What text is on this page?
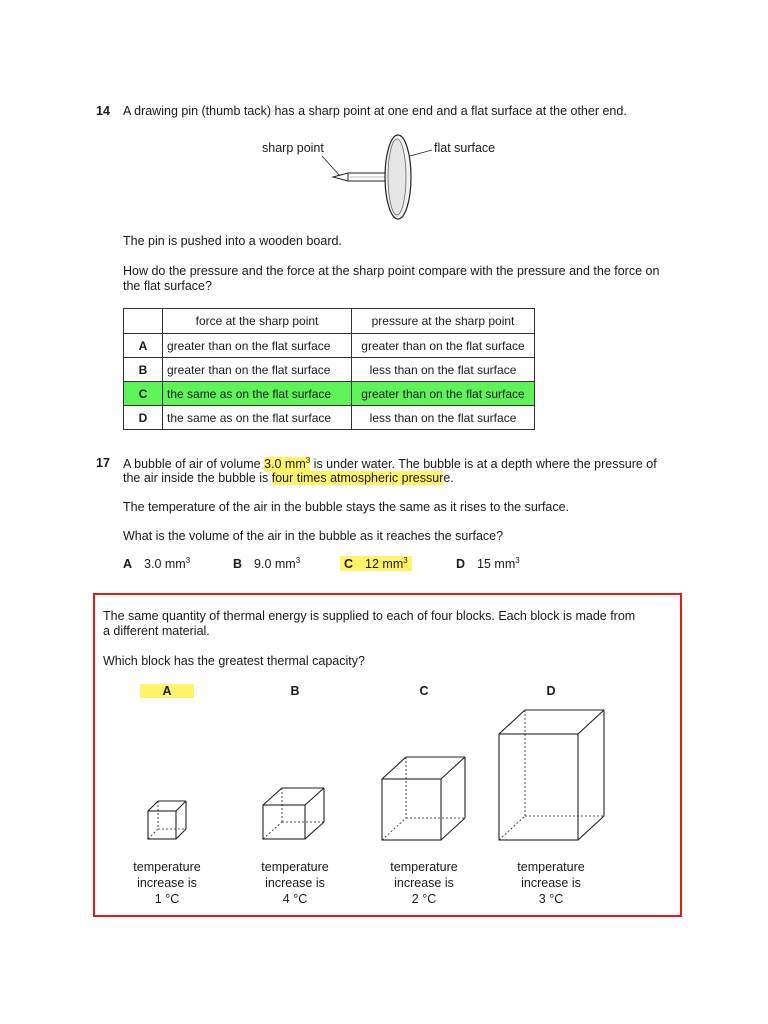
14 A drawing pin (thumb tack) has a sharp point at one end and a flat surface at the other end.
sharp point	flat surface
The pin is pushed into a wooden board.
How do the pressure and the force at the sharp point compare with the pressure and the force on
the flat surface?
	force at the sharp point	pressure at the sharp point
A	greater than on the flat surface	greater than on the flat surface
B	greater than on the flat surface	less than on the flat surface
C	the same as on the flat surface	greater than on the flat surface
D	the same as on the flat surface	less than on the flat surface
17 A bubble of air of volume 3.0 $mm^3$ is under water. The bubble is at a depth where the pressure of
the air inside the bubble is four times atmospheric pressure.
The temperature of the air in the bubble stays the same as it rises to the surface.
What is the volume of the air in the bubble as it reaches the surface?
A 3.0 $mm^3$	B 9.0 $mm^3$	C 12 $mm^3$	D 15 $mm^3$
The same quantity of thermal energy is supplied to each of four blocks. Each block is made from
a different material.
Which block has the greatest thermal capacity?
A	B	C	D
temperature
increase is
1 °C
temperature
increase is
4 °C
temperature
increase is
2 °C
temperature
increase is
3 °C
